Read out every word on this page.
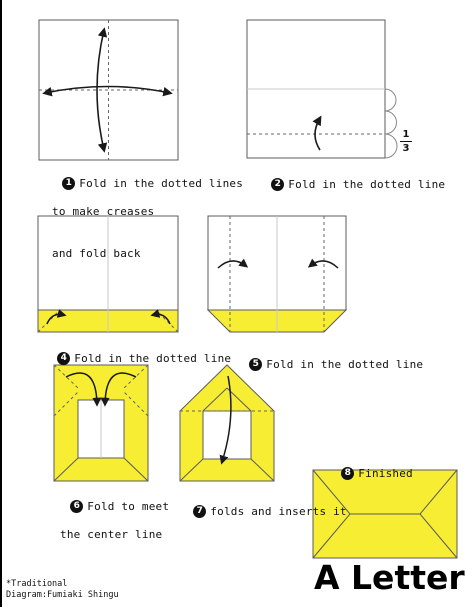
1 Fold in the dotted lines

to make creases

and fold back

2 Fold in the dotted line

1
3

4 Fold in the dotted line
	5 Fold in the dotted line

6 Fold to meet

the center line

7 folds and inserts it

8 Finished

A Letter
*Traditional
Diagram:Fumiaki Shingu
